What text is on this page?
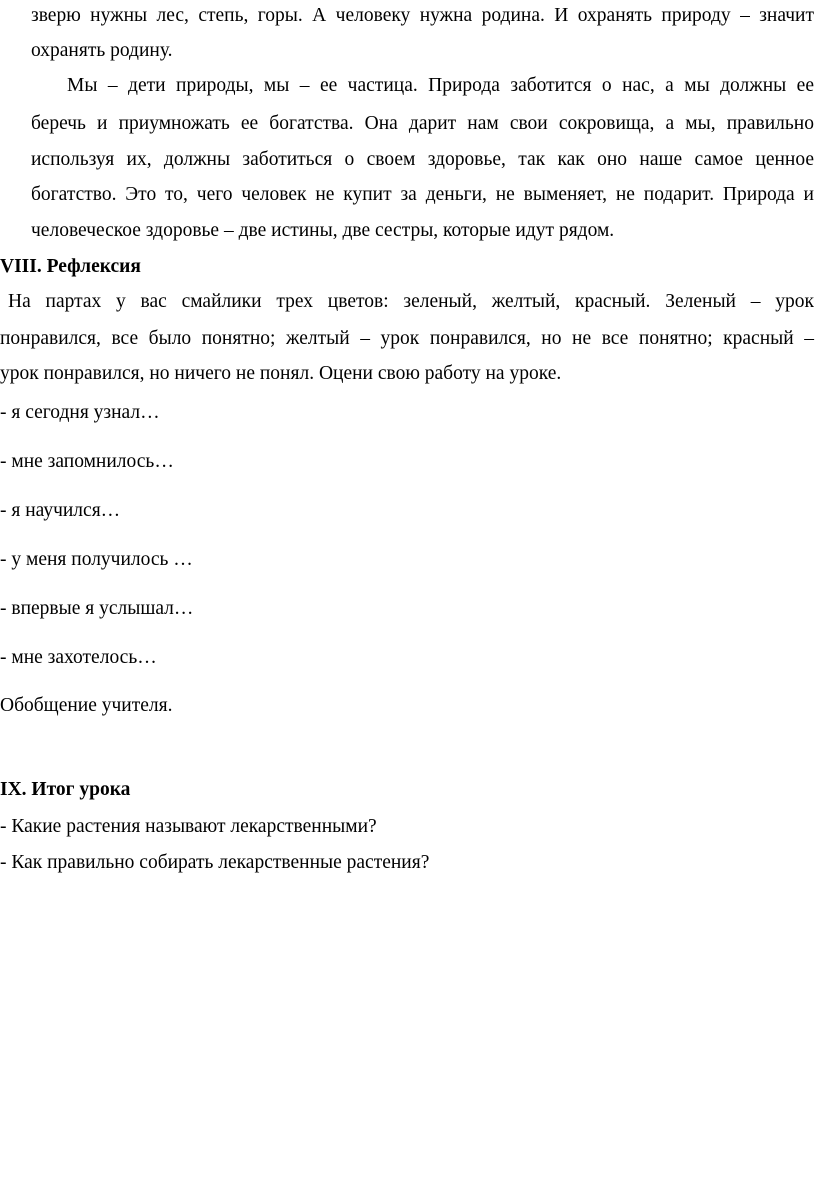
зверю нужны лес, степь, горы. А человеку нужна родина. И охранять природу – значит

охранять родину.

Мы – дети природы, мы – ее частица. Природа заботится о нас, а мы должны ее

беречь и приумножать ее богатства. Она дарит нам свои сокровища, а мы, правильно

используя их, должны заботиться о своем здоровье, так как оно наше самое ценное

богатство. Это то, чего человек не купит за деньги, не выменяет, не подарит. Природа и

человеческое здоровье – две истины, две сестры, которые идут рядом.

VIII. Рефлексия

На партах у вас смайлики трех цветов: зеленый, желтый, красный. Зеленый – урок

понравился, все было понятно; желтый – урок понравился, но не все понятно; красный –

урок понравился, но ничего не понял. Оцени свою работу на уроке.

- я сегодня узнал…

- мне запомнилось…

- я научился…

- у меня получилось …

- впервые я услышал…

- мне захотелось…

Обобщение учителя.

IX. Итог урока

- Какие растения называют лекарственными?

- Как правильно собирать лекарственные растения?
